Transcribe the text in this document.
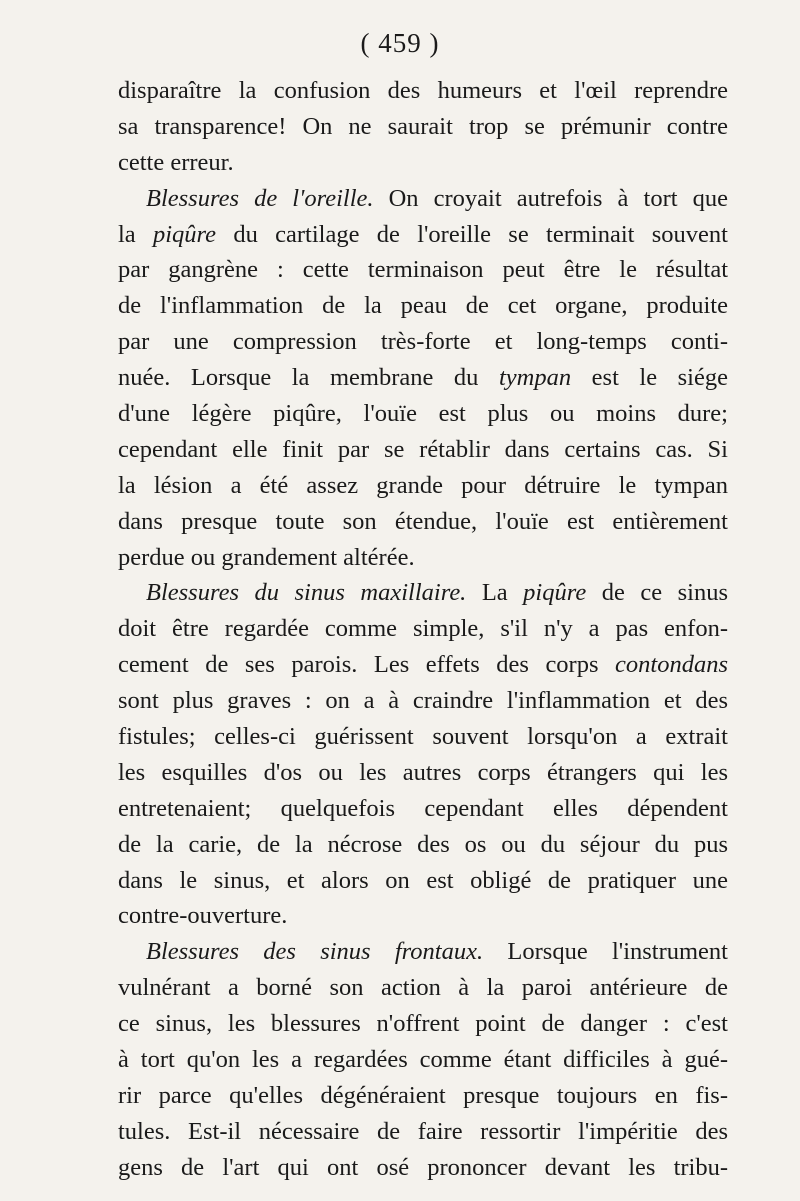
( 459 )
disparaître la confusion des humeurs et l'œil reprendre
sa transparence! On ne saurait trop se prémunir contre
cette erreur.
Blessures de l'oreille. On croyait autrefois à tort que
la piqûre du cartilage de l'oreille se terminait souvent
par gangrène : cette terminaison peut être le résultat
de l'inflammation de la peau de cet organe, produite
par une compression très-forte et long-temps conti-
nuée. Lorsque la membrane du tympan est le siége
d'une légère piqûre, l'ouïe est plus ou moins dure;
cependant elle finit par se rétablir dans certains cas. Si
la lésion a été assez grande pour détruire le tympan
dans presque toute son étendue, l'ouïe est entièrement
perdue ou grandement altérée.
Blessures du sinus maxillaire. La piqûre de ce sinus
doit être regardée comme simple, s'il n'y a pas enfon-
cement de ses parois. Les effets des corps contondans
sont plus graves : on a à craindre l'inflammation et des
fistules; celles-ci guérissent souvent lorsqu'on a extrait
les esquilles d'os ou les autres corps étrangers qui les
entretenaient; quelquefois cependant elles dépendent
de la carie, de la nécrose des os ou du séjour du pus
dans le sinus, et alors on est obligé de pratiquer une
contre-ouverture.
Blessures des sinus frontaux. Lorsque l'instrument
vulnérant a borné son action à la paroi antérieure de
ce sinus, les blessures n'offrent point de danger : c'est
à tort qu'on les a regardées comme étant difficiles à gué-
rir parce qu'elles dégénéraient presque toujours en fis-
tules. Est-il nécessaire de faire ressortir l'impéritie des
gens de l'art qui ont osé prononcer devant les tribu-
